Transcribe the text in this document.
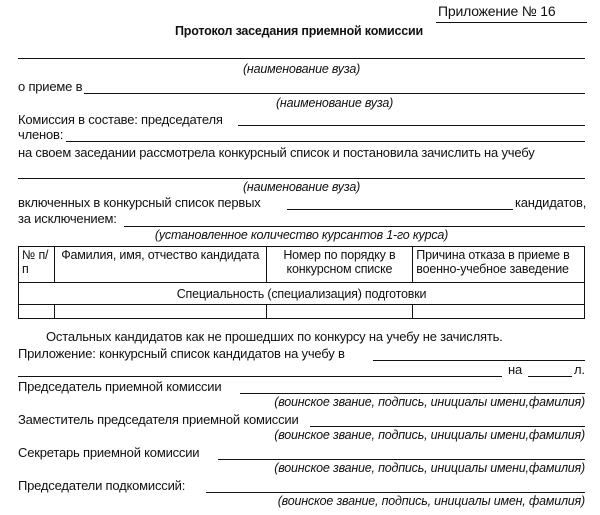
Приложение № 16
Протокол заседания приемной комиссии
(наименование вуза)
о приеме в
(наименование вуза)
Комиссия в составе: председателя
членов:
на своем заседании рассмотрела конкурсный список и постановила зачислить на учебу
(наименование вуза)
включенных в конкурсный список первых	кандидатов,
за исключением:
(установленное количество курсантов 1-го курса)
№ п/п	Фамилия, имя, отчество кандидата	Номер по порядку в конкурсном списке	Причина отказа в приеме в военно-учебное заведение
Специальность (специализация) подготовки			

Остальных кандидатов как не прошедших по конкурсу на учебу не зачислять.
Приложение: конкурсный список кандидатов на учебу в
на	л.
Председатель приемной комиссии
(воинское звание, подпись, инициалы имени,фамилия)
Заместитель председателя приемной комиссии
(воинское звание, подпись, инициалы имени,фамилия)
Секретарь приемной комиссии
(воинское звание, подпись, инициалы имени,фамилия)
Председатели подкомиссий:
(воинское звание, подпись, инициалы имен, фамилия)
